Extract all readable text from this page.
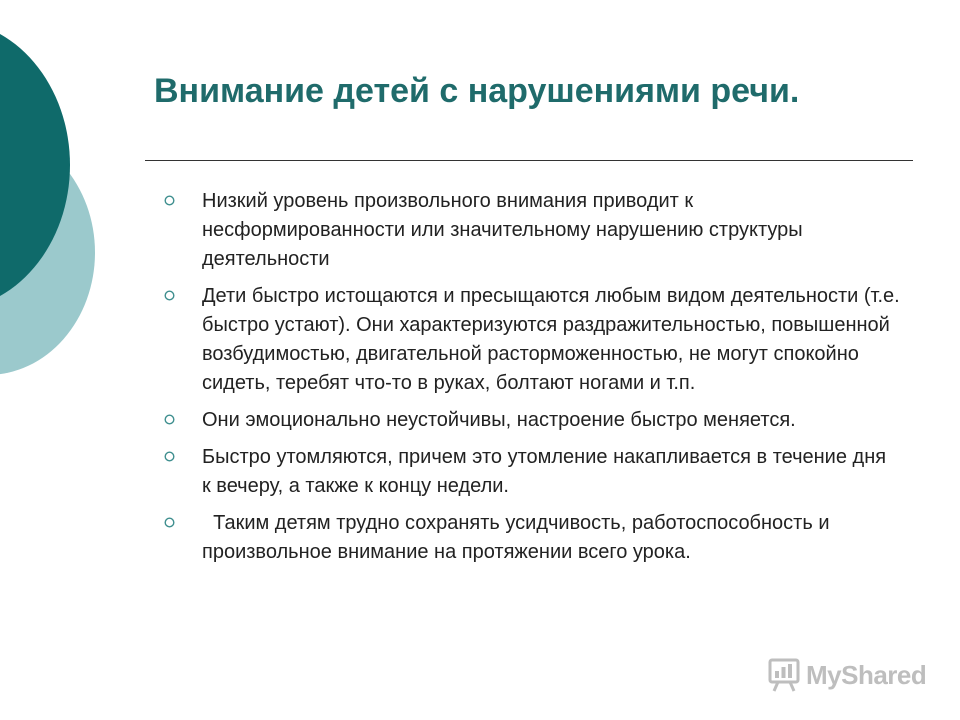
Внимание детей с нарушениями речи.
Низкий уровень произвольного внимания приводит к несформированности или значительному нарушению структуры деятельности
Дети быстро истощаются и пресыщаются любым видом деятельности (т.е. быстро устают). Они характеризуются раздражительностью, повышенной возбудимостью, двигательной расторможенностью, не могут спокойно сидеть, теребят что-то в руках, болтают ногами и т.п.
Они эмоционально неустойчивы, настроение быстро меняется.
Быстро утомляются, причем это утомление накапливается в течение дня к вечеру, а также к концу недели.
Таким детям трудно сохранять усидчивость, работоспособность и произвольное внимание на протяжении всего урока.
MyShared
